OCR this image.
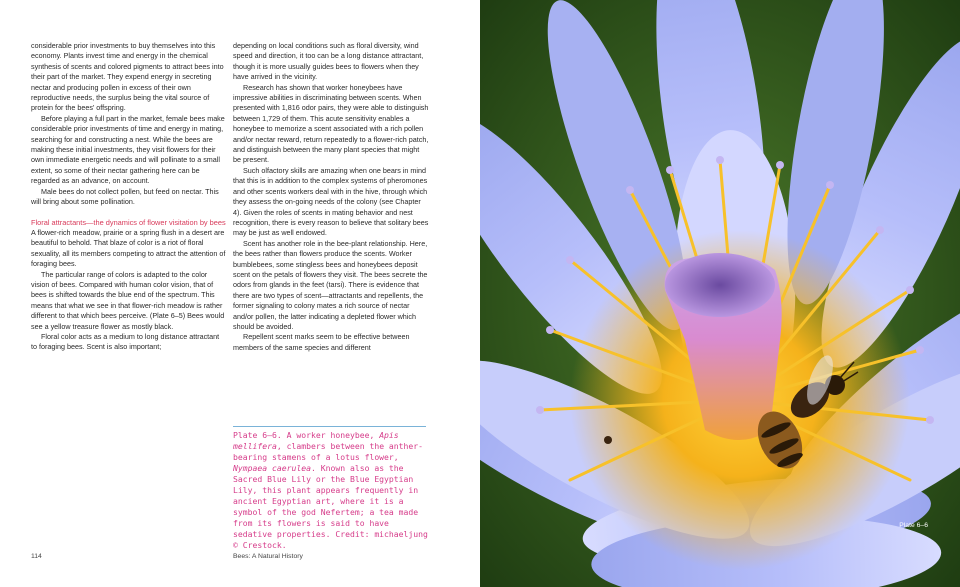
considerable prior investments to buy themselves into this economy. Plants invest time and energy in the chemical synthesis of scents and colored pigments to attract bees into their part of the market. They expend energy in secreting nectar and producing pollen in excess of their own reproductive needs, the surplus being the vital source of protein for the bees’ offspring.

Before playing a full part in the market, female bees make considerable prior investments of time and energy in mating, searching for and constructing a nest. While the bees are making these initial investments, they visit flowers for their own immediate energetic needs and will pollinate to a small extent, so some of their nectar gathering here can be regarded as an advance, on account.

Male bees do not collect pollen, but feed on nectar. This will bring about some pollination.

Floral attractants—the dynamics of flower visitation by bees

A flower-rich meadow, prairie or a spring flush in a desert are beautiful to behold. That blaze of color is a riot of floral sexuality, all its members competing to attract the attention of foraging bees.

The particular range of colors is adapted to the color vision of bees. Compared with human color vision, that of bees is shifted towards the blue end of the spectrum. This means that what we see in that flower-rich meadow is rather different to that which bees perceive. (Plate 6–5) Bees would see a yellow treasure flower as mostly black.

Floral color acts as a medium to long distance attractant to foraging bees. Scent is also important;

depending on local conditions such as floral diversity, wind speed and direction, it too can be a long distance attractant, though it is more usually guides bees to flowers when they have arrived in the vicinity.

Research has shown that worker honeybees have impressive abilities in discriminating between scents. When presented with 1,816 odor pairs, they were able to distinguish between 1,729 of them. This acute sensitivity enables a honeybee to memorize a scent associated with a rich pollen and/or nectar reward, return repeatedly to a flower-rich patch, and distinguish between the many plant species that might be present.

Such olfactory skills are amazing when one bears in mind that this is in addition to the complex systems of pheromones and other scents workers deal with in the hive, through which they assess the on-going needs of the colony (see Chapter 4). Given the roles of scents in mating behavior and nest recognition, there is every reason to believe that solitary bees may be just as well endowed.

Scent has another role in the bee-plant relationship. Here, the bees rather than flowers produce the scents. Worker bumblebees, some stingless bees and honeybees deposit scent on the petals of flowers they visit. The bees secrete the odors from glands in the feet (tarsi). There is evidence that there are two types of scent—attractants and repellents, the former signaling to colony mates a rich source of nectar and/or pollen, the latter indicating a depleted flower which should be avoided.

Repellent scent marks seem to be effective between members of the same species and different

Plate 6–6. A worker honeybee, Apis mellifera, clambers between the anther-bearing stamens of a lotus flower, Nympaea caerulea. Known also as the Sacred Blue Lily or the Blue Egyptian Lily, this plant appears frequently in ancient Egyptian art, where it is a symbol of the god Nefertem; a tea made from its flowers is said to have sedative properties. Credit: michaeljung © Crestock.
114	Bees: A Natural History
Plate 6–6
